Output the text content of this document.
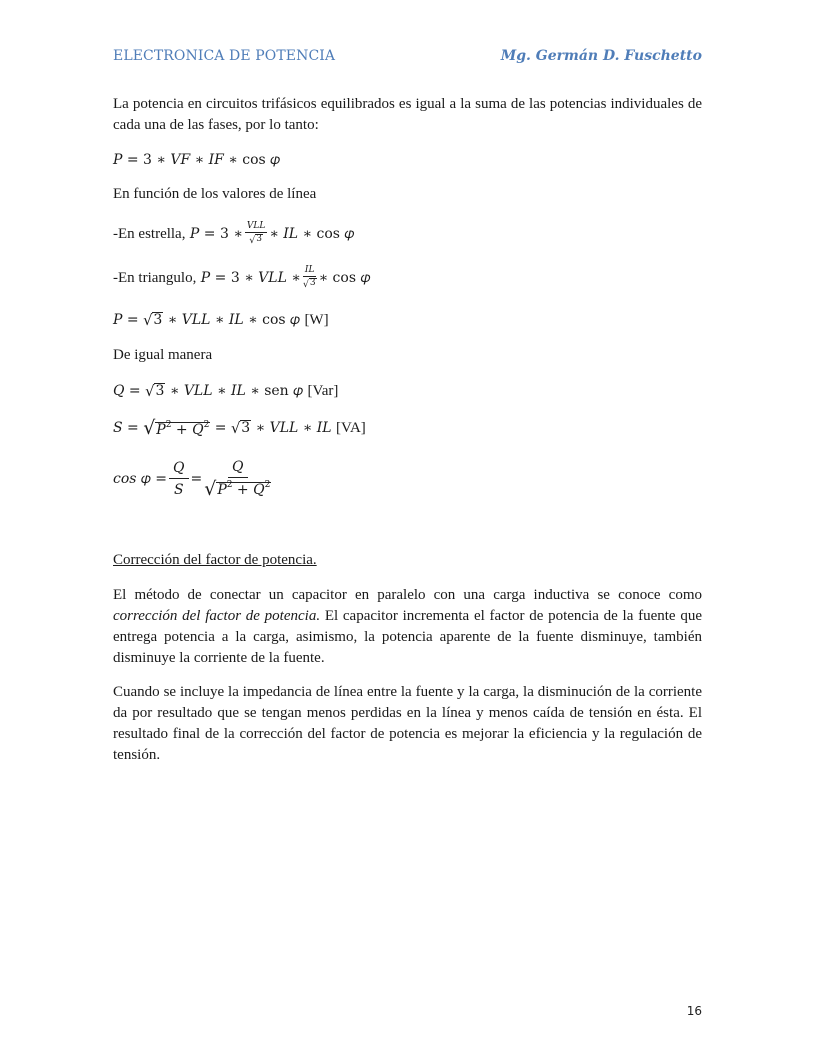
ELECTRONICA DE POTENCIA	Mg. Germán D. Fuschetto

La potencia en circuitos trifásicos equilibrados es igual a la suma de las potencias individuales de cada una de las fases, por lo tanto:

𝑃 = 3 ∗ 𝑉𝐹 ∗ 𝐼𝐹 ∗ cos 𝜑

En función de los valores de línea

-En estrella,
𝑃 = 3 ∗ $\frac{\text{𝑉𝐿𝐿}}{√ 3}$ ∗ 𝐼𝐿 ∗ cos 𝜑
-En triangulo,
𝑃 = 3 ∗ 𝑉𝐿𝐿 ∗ $\frac{\text{𝐼𝐿}}{√ 3}$ ∗ cos 𝜑
𝑃 =
√ 3
∗ 𝑉𝐿𝐿 ∗ 𝐼𝐿 ∗ cos 𝜑
[W]

De igual manera

𝑄 =
√ 3
∗ 𝑉𝐿𝐿 ∗ 𝐼𝐿 ∗ sen 𝜑
[Var]
𝑆 =
√ 𝑃$^2$ + 𝑄$^2$
=
√ 3
∗ 𝑉𝐿𝐿 ∗ 𝐼𝐿
[VA]
𝑐𝑜𝑠 𝜑 = $\frac{\text{𝑄}}{\text{𝑆}} = \frac{\text{𝑄}}{√ 𝑃^2 + 𝑄^2}$

Corrección del factor de potencia.

El método de conectar un capacitor en paralelo con una carga inductiva se conoce como corrección del factor de potencia. El capacitor incrementa el factor de potencia de la fuente que entrega potencia a la carga, asimismo, la potencia aparente de la fuente disminuye, también disminuye la corriente de la fuente.

Cuando se incluye la impedancia de línea entre la fuente y la carga, la disminución de la corriente da por resultado que se tengan menos perdidas en la línea y menos caída de tensión en ésta. El resultado final de la corrección del factor de potencia es mejorar la eficiencia y la regulación de tensión.

16
